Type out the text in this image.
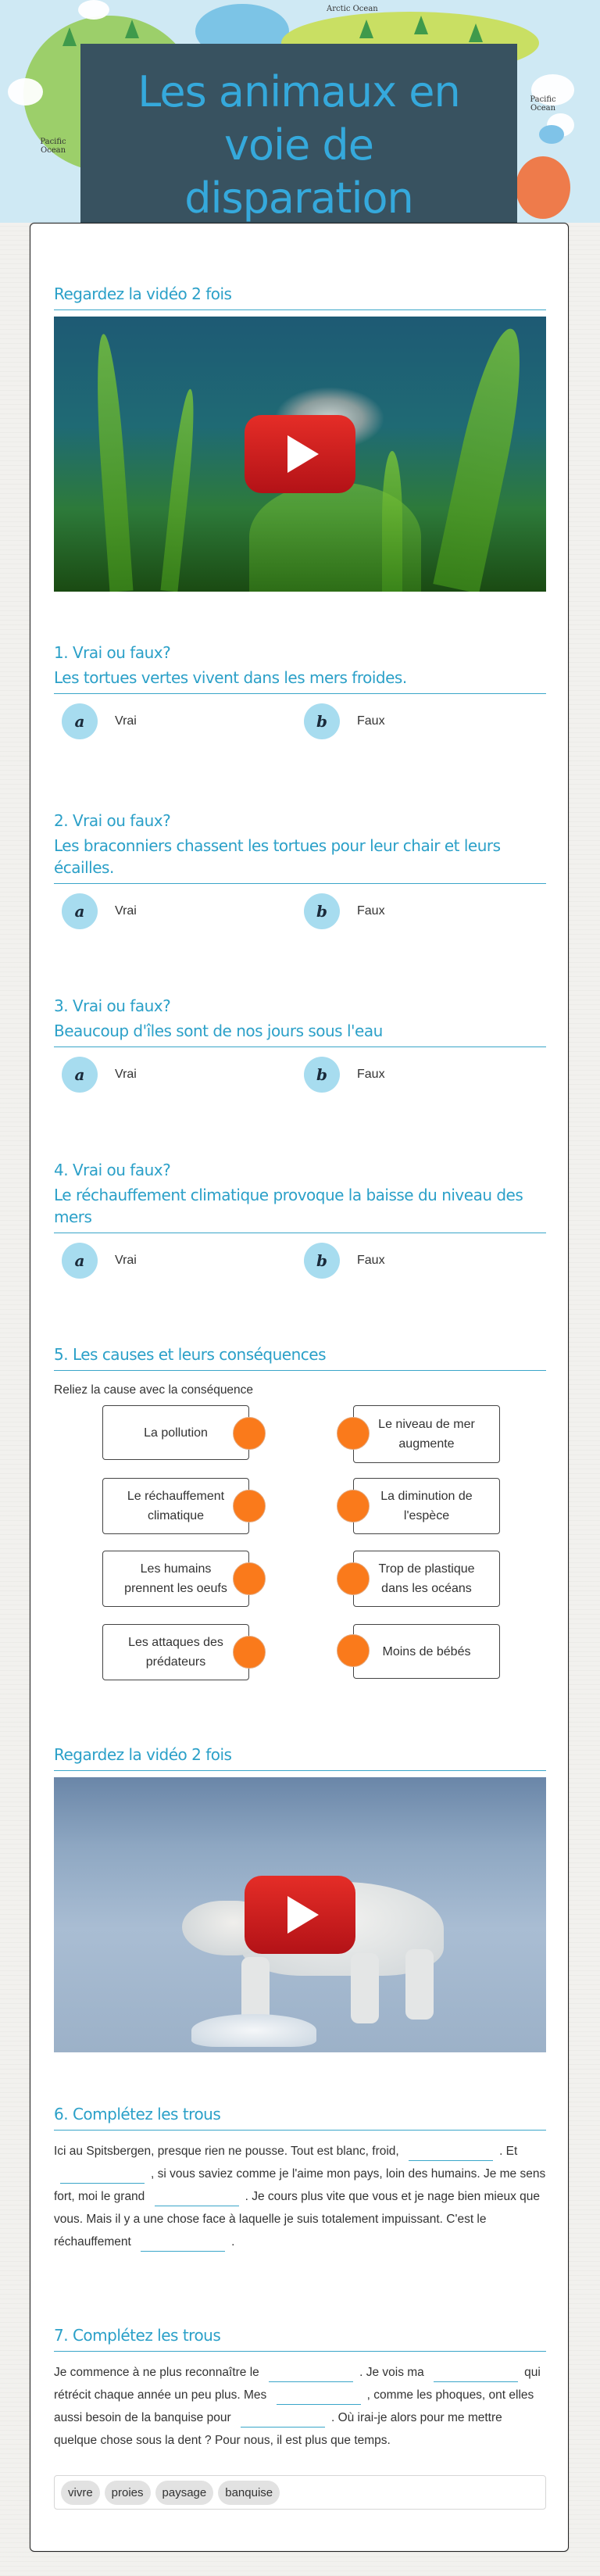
Arctic Ocean
Pacific Ocean
Pacific Ocean
Les animaux en voie de disparation
Regardez la vidéo 2 fois
1. Vrai ou faux?
Les tortues vertes vivent dans les mers froides.
a	Vrai	b	Faux
2. Vrai ou faux?
Les braconniers chassent les tortues pour leur chair et leurs écailles.
a	Vrai	b	Faux
3. Vrai ou faux?
Beaucoup d'îles sont de nos jours sous l'eau
a	Vrai	b	Faux
4. Vrai ou faux?
Le réchauffement climatique provoque la baisse du niveau des mers
a	Vrai	b	Faux
5. Les causes et leurs conséquences
Reliez la cause avec la conséquence
La pollution
Le niveau de mer augmente
Le réchauffement climatique
La diminution de l'espèce
Les humains prennent les oeufs
Trop de plastique dans les océans
Les attaques des prédateurs
Moins de bébés
Regardez la vidéo 2 fois
6. Complétez les trous
Ici au Spitsbergen, presque rien ne pousse. Tout est blanc, froid,	. Et , si vous saviez comme je l'aime mon pays, loin des humains. Je me sens fort, moi le grand	. Je cours plus vite que vous et je nage bien mieux que vous. Mais il y a une chose face à laquelle je suis totalement impuissant. C'est le réchauffement	.
7. Complétez les trous
Je commence à ne plus reconnaître le	. Je vois ma	qui rétrécit chaque année un peu plus. Mes	, comme les phoques, ont elles aussi besoin de la banquise pour	. Où irai-je alors pour me mettre quelque chose sous la dent ? Pour nous, il est plus que temps.
vivre	proies	paysage	banquise
